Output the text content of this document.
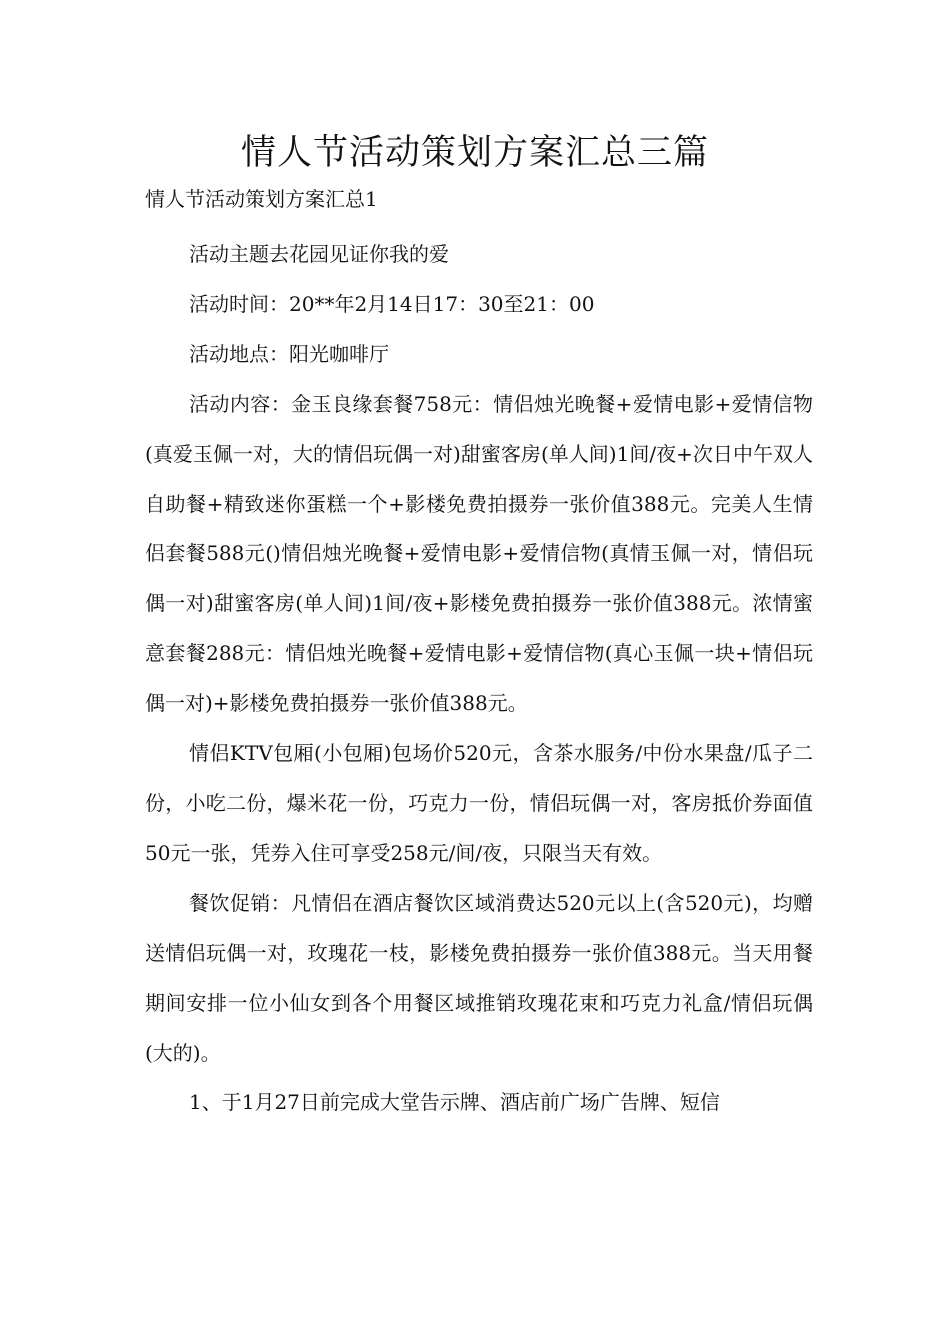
情人节活动策划方案汇总三篇
情人节活动策划方案汇总1

活动主题去花园见证你我的爱

活动时间：20**年2月14日17：30至21：00

活动地点：阳光咖啡厅

活动内容：金玉良缘套餐758元：情侣烛光晚餐+爱情电影+爱情信物(真爱玉佩一对，大的情侣玩偶一对)甜蜜客房(单人间)1间/夜+次日中午双人自助餐+精致迷你蛋糕一个+影楼免费拍摄券一张价值388元。完美人生情侣套餐588元()情侣烛光晚餐+爱情电影+爱情信物(真情玉佩一对，情侣玩偶一对)甜蜜客房(单人间)1间/夜+影楼免费拍摄券一张价值388元。浓情蜜意套餐288元：情侣烛光晚餐+爱情电影+爱情信物(真心玉佩一块+情侣玩偶一对)+影楼免费拍摄券一张价值388元。

情侣KTV包厢(小包厢)包场价520元，含茶水服务/中份水果盘/瓜子二份，小吃二份，爆米花一份，巧克力一份，情侣玩偶一对，客房抵价券面值50元一张，凭券入住可享受258元/间/夜，只限当天有效。

餐饮促销：凡情侣在酒店餐饮区域消费达520元以上(含520元)，均赠送情侣玩偶一对，玫瑰花一枝，影楼免费拍摄券一张价值388元。当天用餐期间安排一位小仙女到各个用餐区域推销玫瑰花束和巧克力礼盒/情侣玩偶(大的)。

1、于1月27日前完成大堂告示牌、酒店前广场广告牌、短信
